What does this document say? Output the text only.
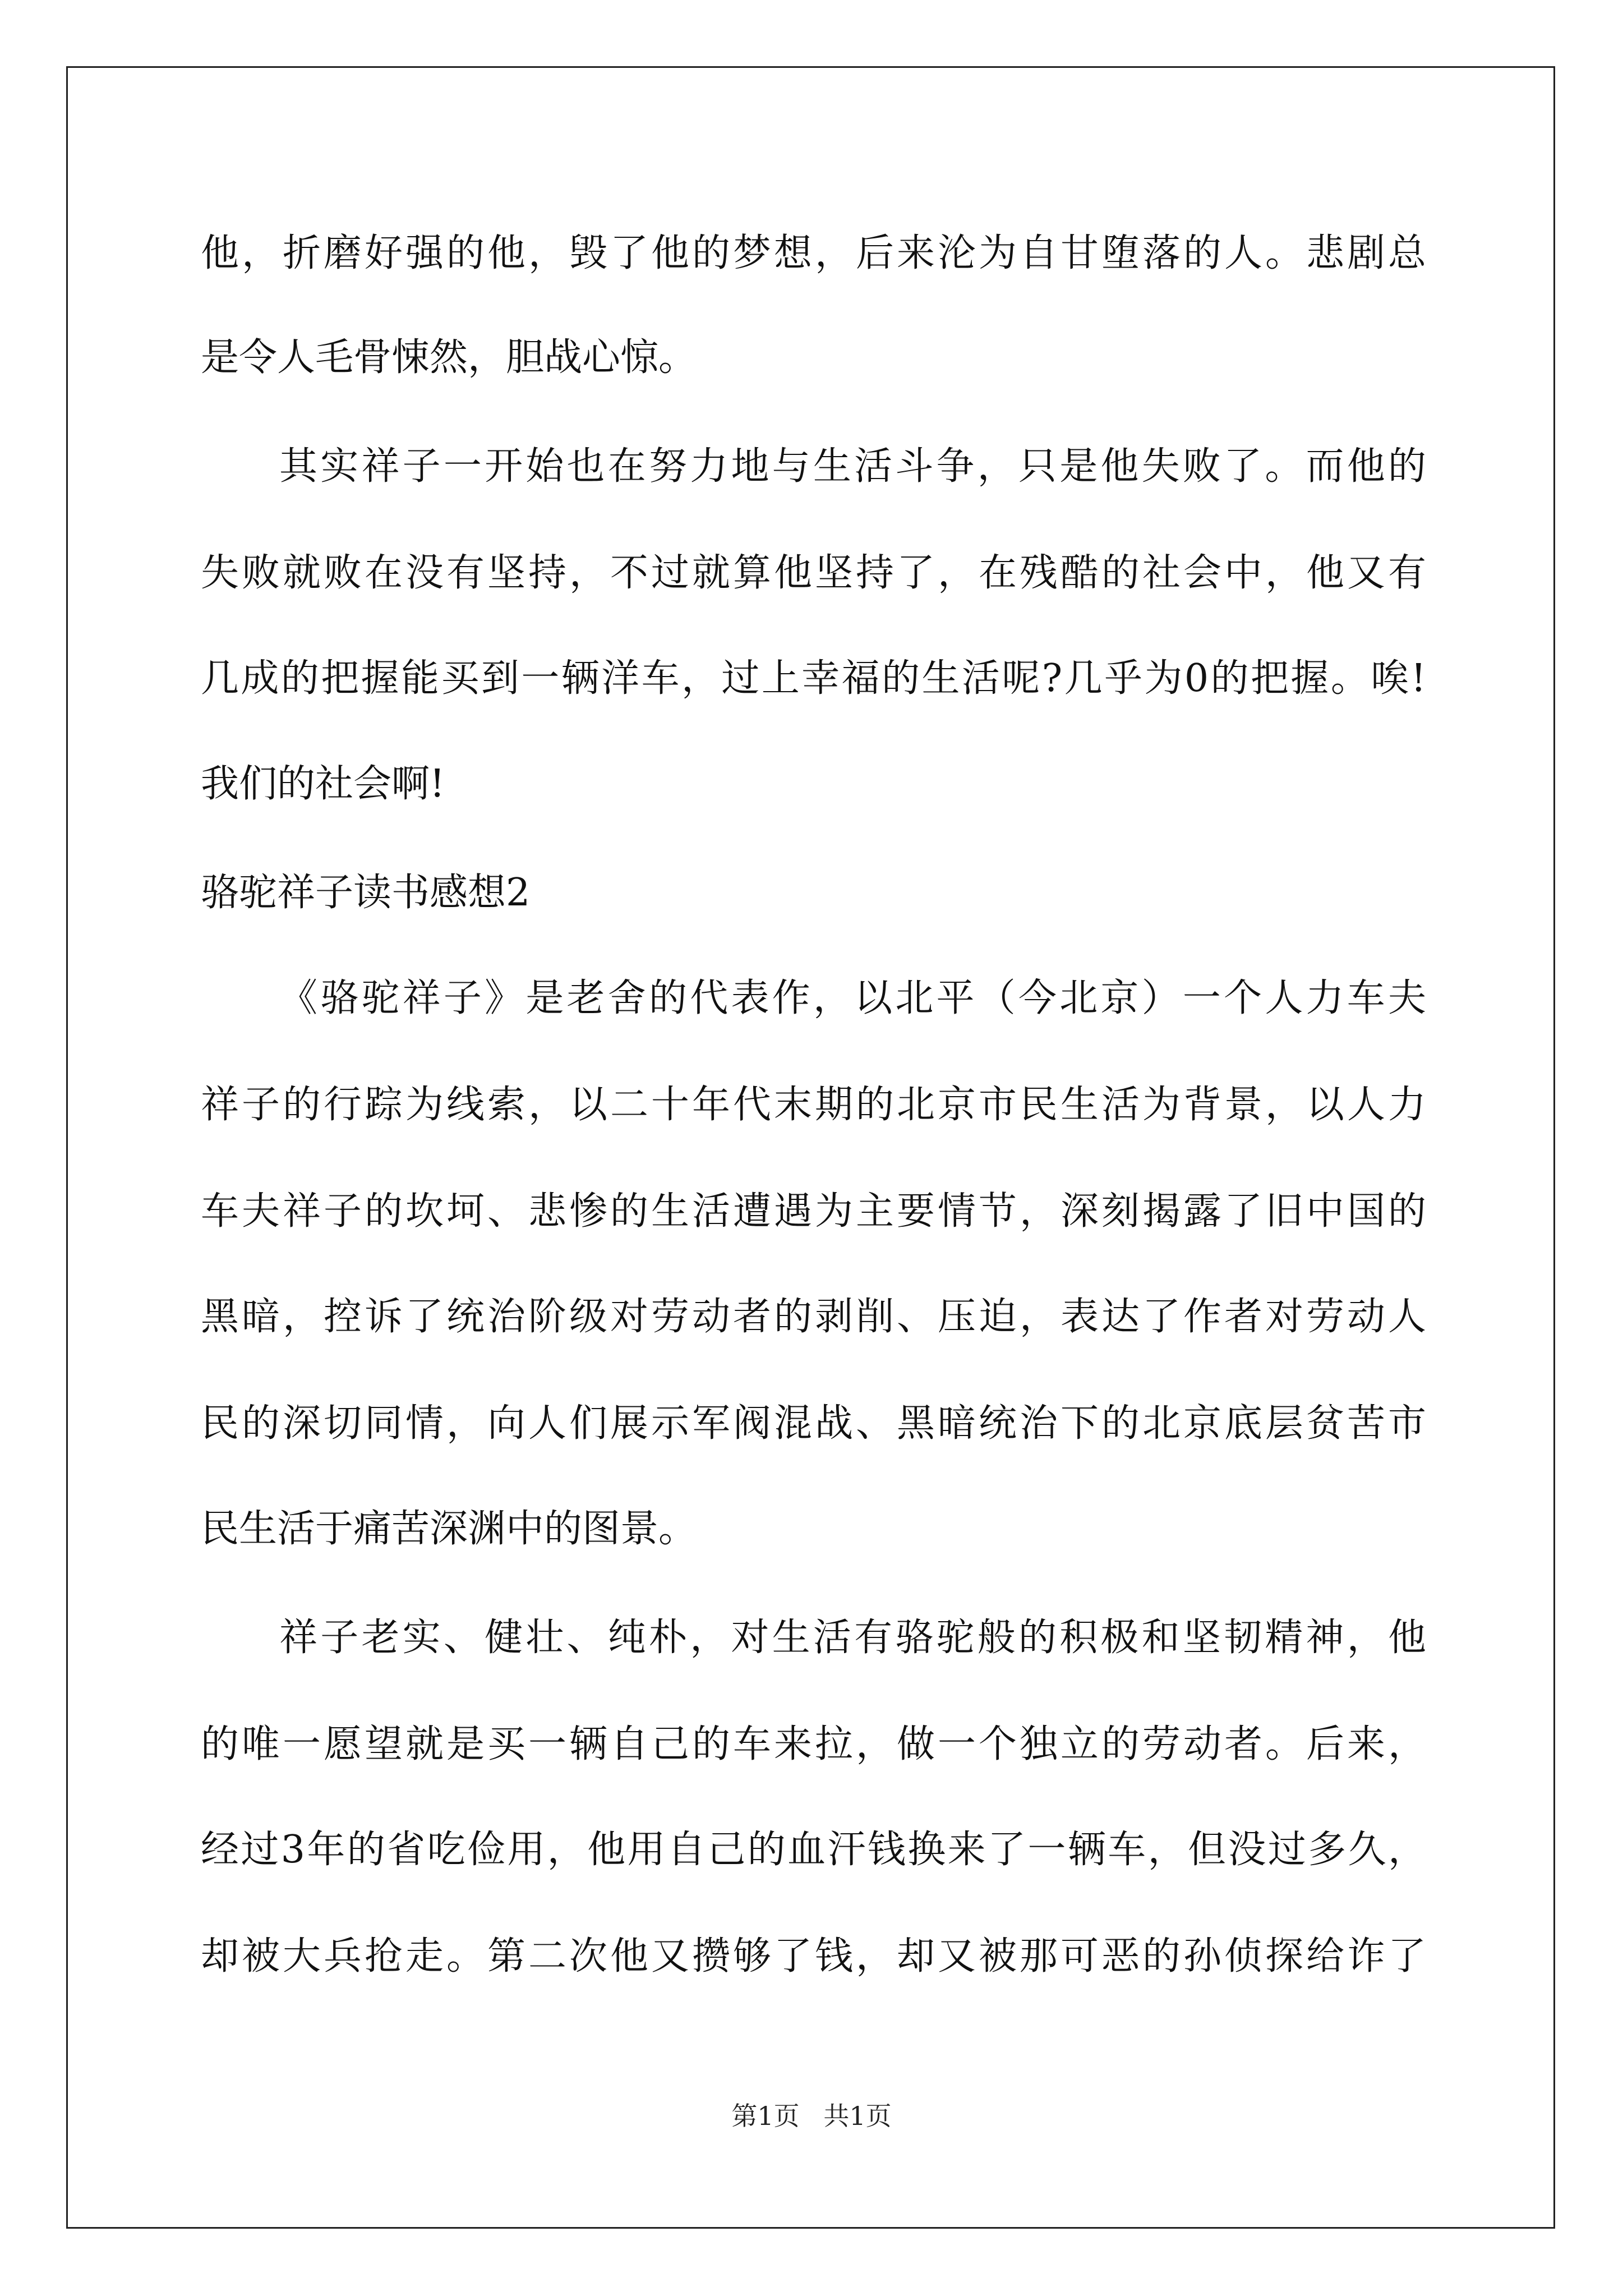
他，折磨好强的他，毁了他的梦想，后来沦为自甘堕落的人。悲剧总
是令人毛骨悚然，胆战心惊。
其实祥子一开始也在努力地与生活斗争，只是他失败了。而他的
失败就败在没有坚持，不过就算他坚持了，在残酷的社会中，他又有
几成的把握能买到一辆洋车，过上幸福的生活呢?几乎为0的把握。唉!
我们的社会啊!
骆驼祥子读书感想2
《骆驼祥子》是老舍的代表作，以北平（今北京）一个人力车夫
祥子的行踪为线索，以二十年代末期的北京市民生活为背景，以人力
车夫祥子的坎坷、悲惨的生活遭遇为主要情节，深刻揭露了旧中国的
黑暗，控诉了统治阶级对劳动者的剥削、压迫，表达了作者对劳动人
民的深切同情，向人们展示军阀混战、黑暗统治下的北京底层贫苦市
民生活于痛苦深渊中的图景。
祥子老实、健壮、纯朴，对生活有骆驼般的积极和坚韧精神，他
的唯一愿望就是买一辆自己的车来拉，做一个独立的劳动者。后来，
经过3年的省吃俭用，他用自己的血汗钱换来了一辆车，但没过多久，
却被大兵抢走。第二次他又攒够了钱，却又被那可恶的孙侦探给诈了
第1页 共1页
